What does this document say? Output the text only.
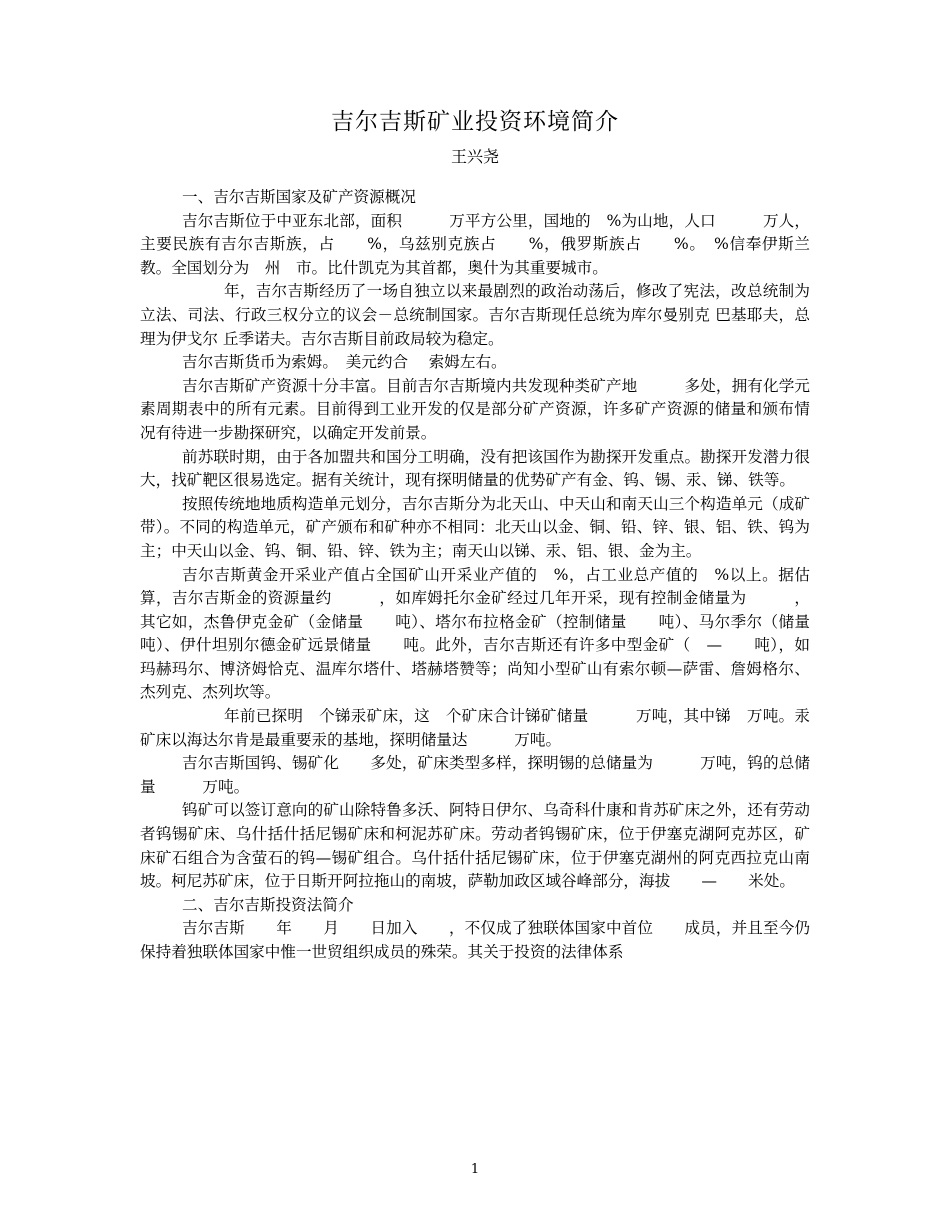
吉尔吉斯矿业投资环境简介
王兴尧

一、吉尔吉斯国家及矿产资源概况

吉尔吉斯位于中亚东北部，面积　　　万平方公里，国地的　%为山地，人口　　　万人，主要民族有吉尔吉斯族，占　　%，乌兹别克族占　　%，俄罗斯族占　　%。　%信奉伊斯兰教。全国划分为　州　市。比什凯克为其首都，奥什为其重要城市。

年，吉尔吉斯经历了一场自独立以来最剧烈的政治动荡后，修改了宪法，改总统制为立法、司法、行政三权分立的议会－总统制国家。吉尔吉斯现任总统为库尔曼别克 巴基耶夫，总理为伊戈尔 丘季诺夫。吉尔吉斯目前政局较为稳定。

吉尔吉斯货币为索姆。　美元约合　 索姆左右。

吉尔吉斯矿产资源十分丰富。目前吉尔吉斯境内共发现种类矿产地　　　多处，拥有化学元素周期表中的所有元素。目前得到工业开发的仅是部分矿产资源，许多矿产资源的储量和颁布情况有待进一步勘探研究，以确定开发前景。

前苏联时期，由于各加盟共和国分工明确，没有把该国作为勘探开发重点。勘探开发潜力很大，找矿靶区很易选定。据有关统计，现有探明储量的优势矿产有金、钨、锡、汞、锑、铁等。

按照传统地地质构造单元划分，吉尔吉斯分为北天山、中天山和南天山三个构造单元（成矿带）。不同的构造单元，矿产颁布和矿种亦不相同：北天山以金、铜、铅、锌、银、铝、铁、钨为主；中天山以金、钨、铜、铅、锌、铁为主；南天山以锑、汞、铝、银、金为主。

吉尔吉斯黄金开采业产值占全国矿山开采业产值的　%，占工业总产值的　%以上。据估算，吉尔吉斯金的资源量约　　　，如库姆托尔金矿经过几年开采，现有控制金储量为　　　，其它如，杰鲁伊克金矿（金储量　　吨）、塔尔布拉格金矿（控制储量　　吨）、马尔季尔（储量　 吨）、伊什坦别尔德金矿远景储量　　吨。此外，吉尔吉斯还有许多中型金矿（　—　　吨），如玛赫玛尔、博济姆恰克、温库尔塔什、塔赫塔赞等；尚知小型矿山有索尔顿—萨雷、詹姆格尔、杰列克、杰列坎等。

年前已探明　个锑汞矿床，这　个矿床合计锑矿储量　　　万吨，其中锑　万吨。汞矿床以海达尔肯是最重要汞的基地，探明储量达　　　万吨。

吉尔吉斯国钨、锡矿化　　多处，矿床类型多样，探明锡的总储量为　　　万吨，钨的总储量　　　万吨。

钨矿可以签订意向的矿山除特鲁多沃、阿特日伊尔、乌奇科什康和肯苏矿床之外，还有劳动者钨锡矿床、乌什括什括尼锡矿床和柯泥苏矿床。劳动者钨锡矿床，位于伊塞克湖阿克苏区，矿床矿石组合为含萤石的钨—锡矿组合。乌什括什括尼锡矿床，位于伊塞克湖州的阿克西拉克山南坡。柯尼苏矿床，位于日斯开阿拉拖山的南坡，萨勒加政区域谷峰部分，海拔　　—　　米处。

二、吉尔吉斯投资法简介

吉尔吉斯　　年　　月　　日加入　　，不仅成了独联体国家中首位　　成员，并且至今仍保持着独联体国家中惟一世贸组织成员的殊荣。其关于投资的法律体系

1
